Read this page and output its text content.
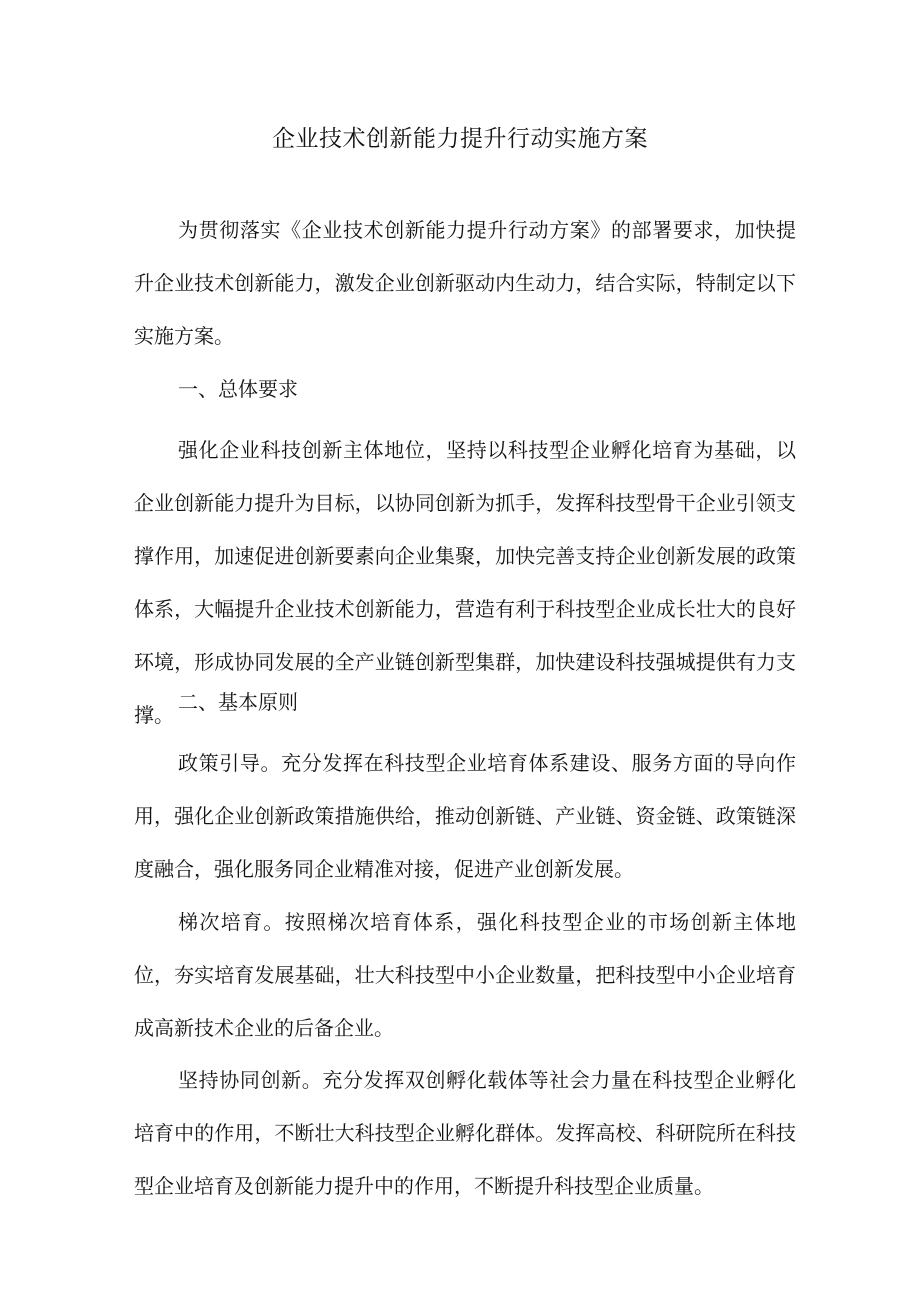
企业技术创新能力提升行动实施方案

为贯彻落实《企业技术创新能力提升行动方案》的部署要求，加快提升企业技术创新能力，激发企业创新驱动内生动力，结合实际，特制定以下实施方案。

一、总体要求

强化企业科技创新主体地位，坚持以科技型企业孵化培育为基础，以企业创新能力提升为目标，以协同创新为抓手，发挥科技型骨干企业引领支撑作用，加速促进创新要素向企业集聚，加快完善支持企业创新发展的政策体系，大幅提升企业技术创新能力，营造有利于科技型企业成长壮大的良好环境，形成协同发展的全产业链创新型集群，加快建设科技强城提供有力支撑。

二、基本原则

政策引导。充分发挥在科技型企业培育体系建设、服务方面的导向作用，强化企业创新政策措施供给，推动创新链、产业链、资金链、政策链深度融合，强化服务同企业精准对接，促进产业创新发展。

梯次培育。按照梯次培育体系，强化科技型企业的市场创新主体地位，夯实培育发展基础，壮大科技型中小企业数量，把科技型中小企业培育成高新技术企业的后备企业。

坚持协同创新。充分发挥双创孵化载体等社会力量在科技型企业孵化培育中的作用，不断壮大科技型企业孵化群体。发挥高校、科研院所在科技型企业培育及创新能力提升中的作用，不断提升科技型企业质量。
